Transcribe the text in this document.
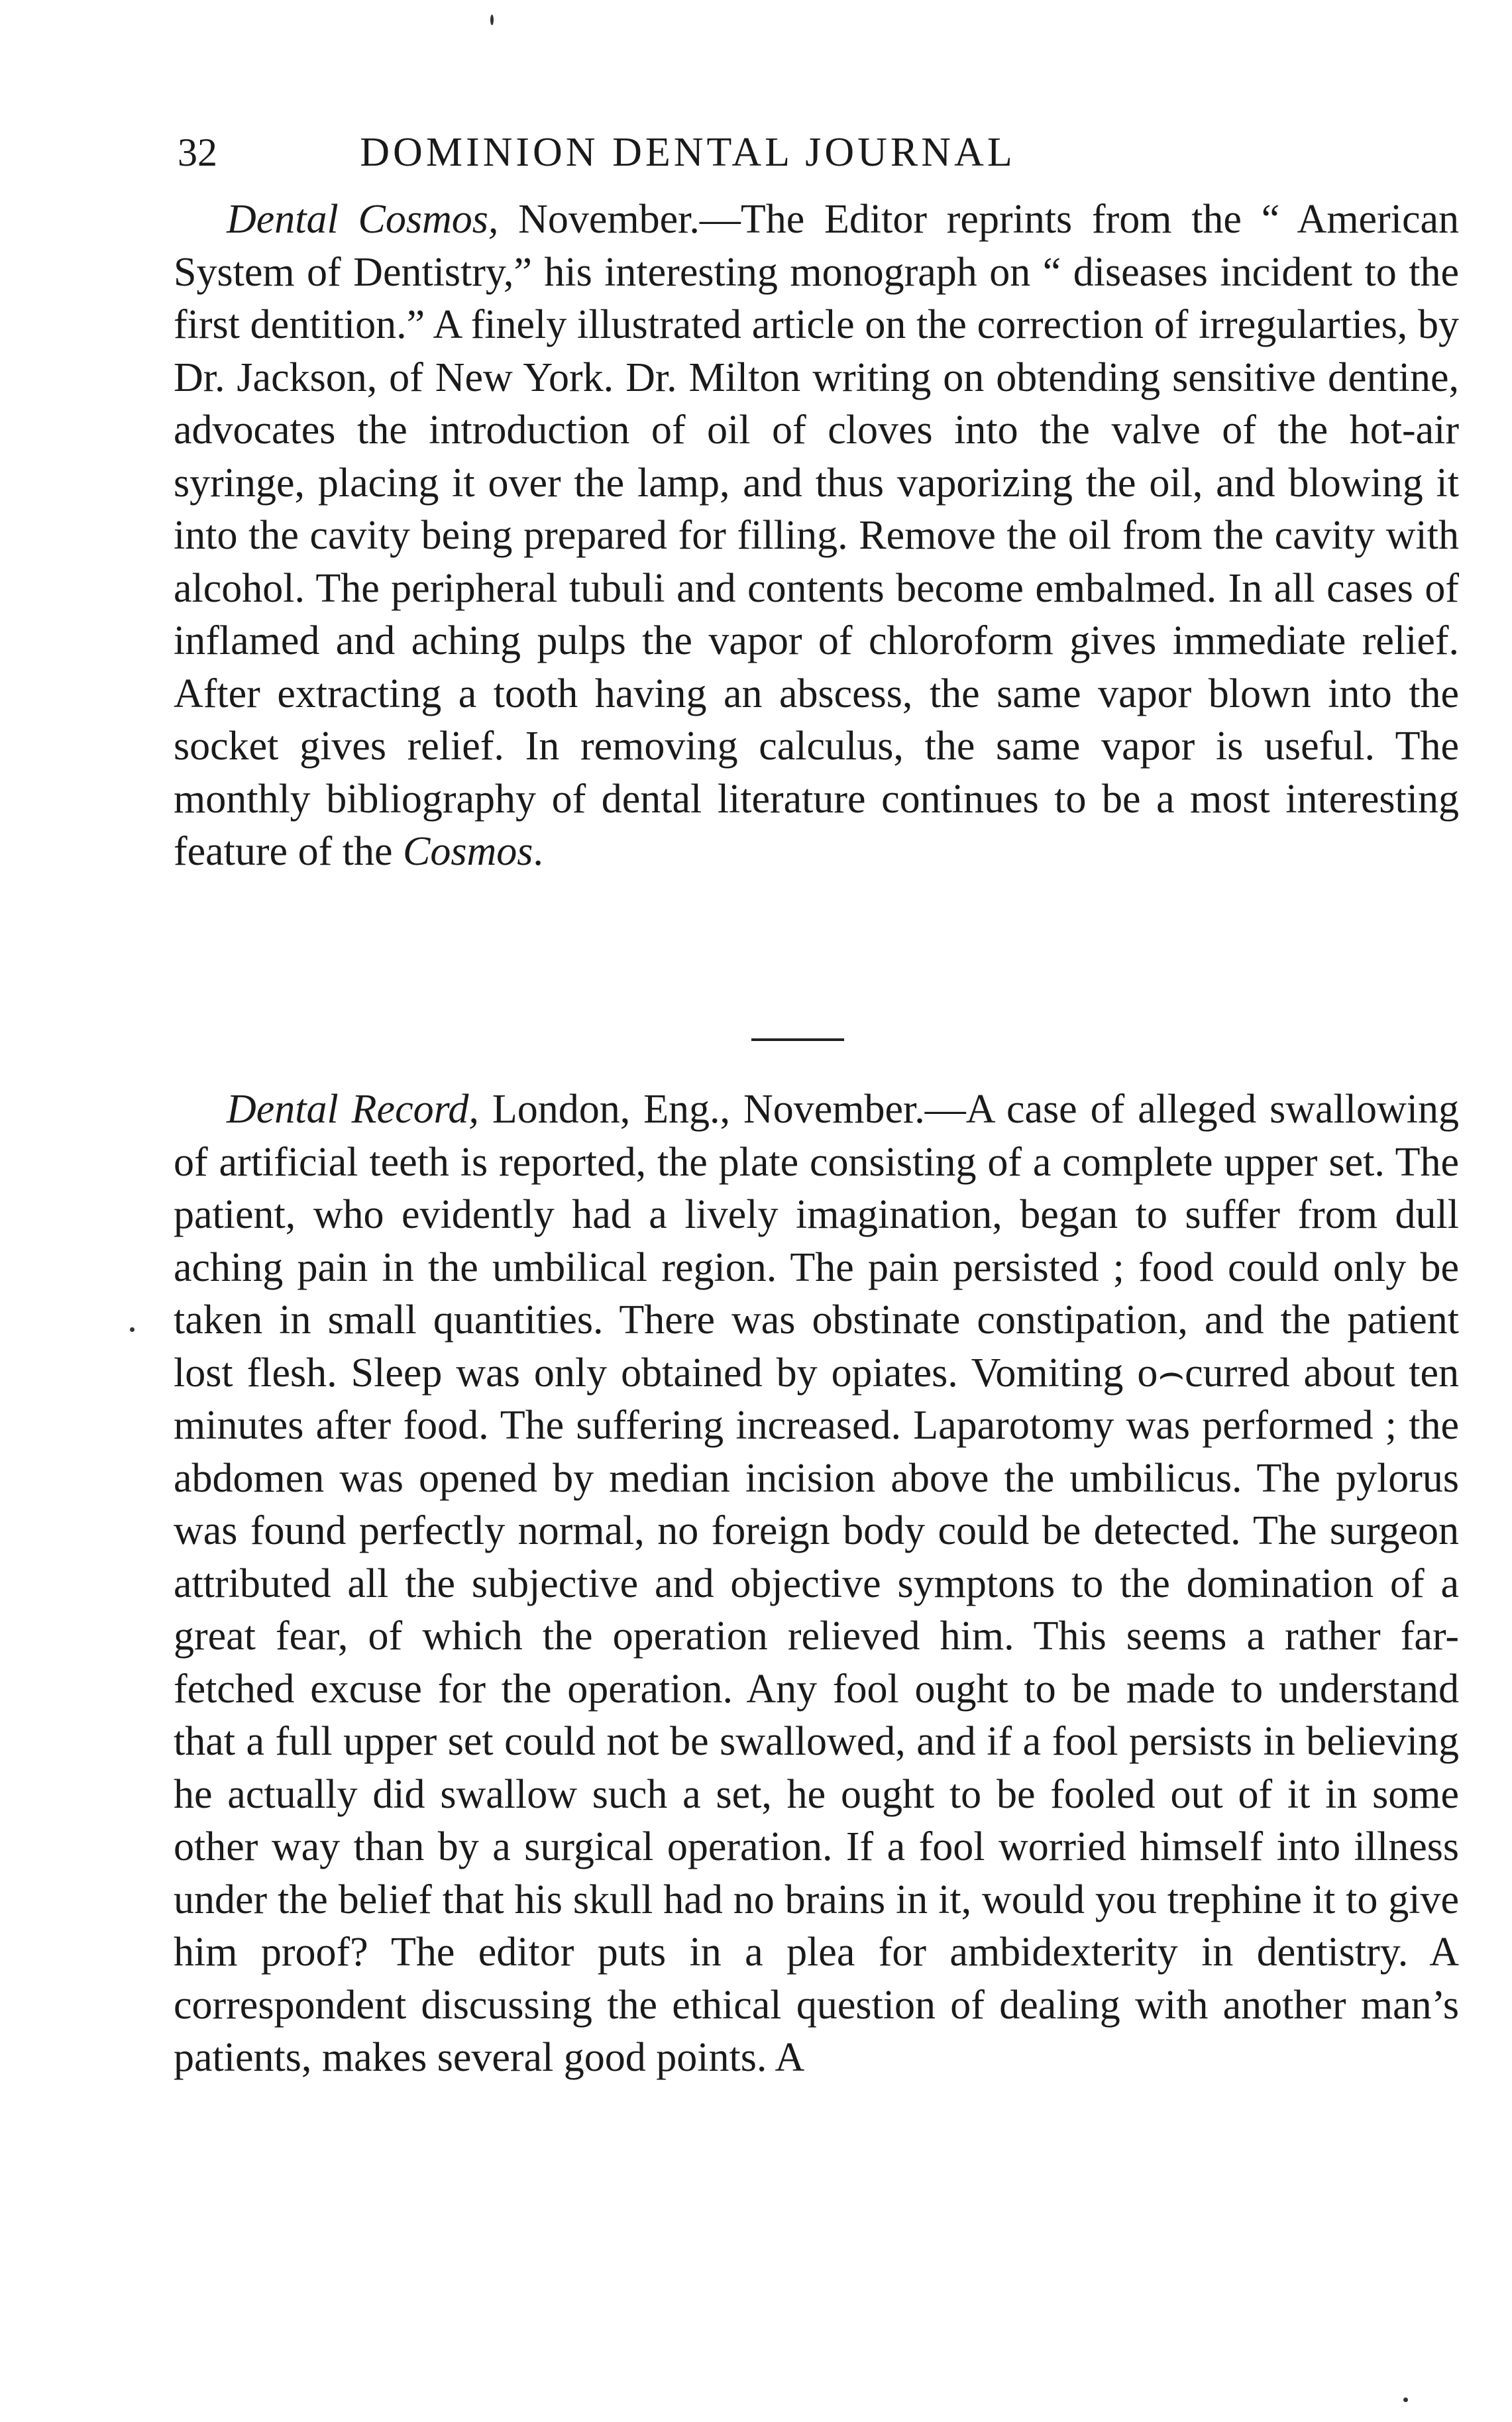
32	DOMINION DENTAL JOURNAL

Dental Cosmos, November.—The Editor reprints from the “ American System of Dentistry,” his interesting monograph on “ diseases incident to the first dentition.” A finely illustrated article on the correction of irregularties, by Dr. Jackson, of New York. Dr. Milton writing on obtending sensitive dentine, advocates the introduction of oil of cloves into the valve of the hot-air syringe, placing it over the lamp, and thus vaporizing the oil, and blowing it into the cavity being prepared for filling. Remove the oil from the cavity with alcohol. The peripheral tubuli and contents become embalmed. In all cases of inflamed and aching pulps the vapor of chloroform gives immediate relief. After extracting a tooth having an abscess, the same vapor blown into the socket gives relief. In removing calculus, the same vapor is useful. The monthly bibliography of dental literature continues to be a most interesting feature of the Cosmos.

Dental Record, London, Eng., November.—A case of alleged swallowing of artificial teeth is reported, the plate consisting of a complete upper set. The patient, who evidently had a lively imagination, began to suffer from dull aching pain in the umbilical region. The pain persisted ; food could only be taken in small quantities. There was obstinate constipation, and the patient lost flesh. Sleep was only obtained by opiates. Vomiting o⌢curred about ten minutes after food. The suffering increased. Laparotomy was performed ; the abdomen was opened by median incision above the umbilicus. The pylorus was found perfectly normal, no foreign body could be detected. The surgeon attributed all the subjective and objective symptons to the domination of a great fear, of which the operation relieved him. This seems a rather far-fetched excuse for the operation. Any fool ought to be made to understand that a full upper set could not be swallowed, and if a fool persists in believing he actually did swallow such a set, he ought to be fooled out of it in some other way than by a surgical operation. If a fool worried himself into illness under the belief that his skull had no brains in it, would you trephine it to give him proof? The editor puts in a plea for ambidexterity in dentistry. A correspondent discussing the ethical question of dealing with another man’s patients, makes several good points. A
